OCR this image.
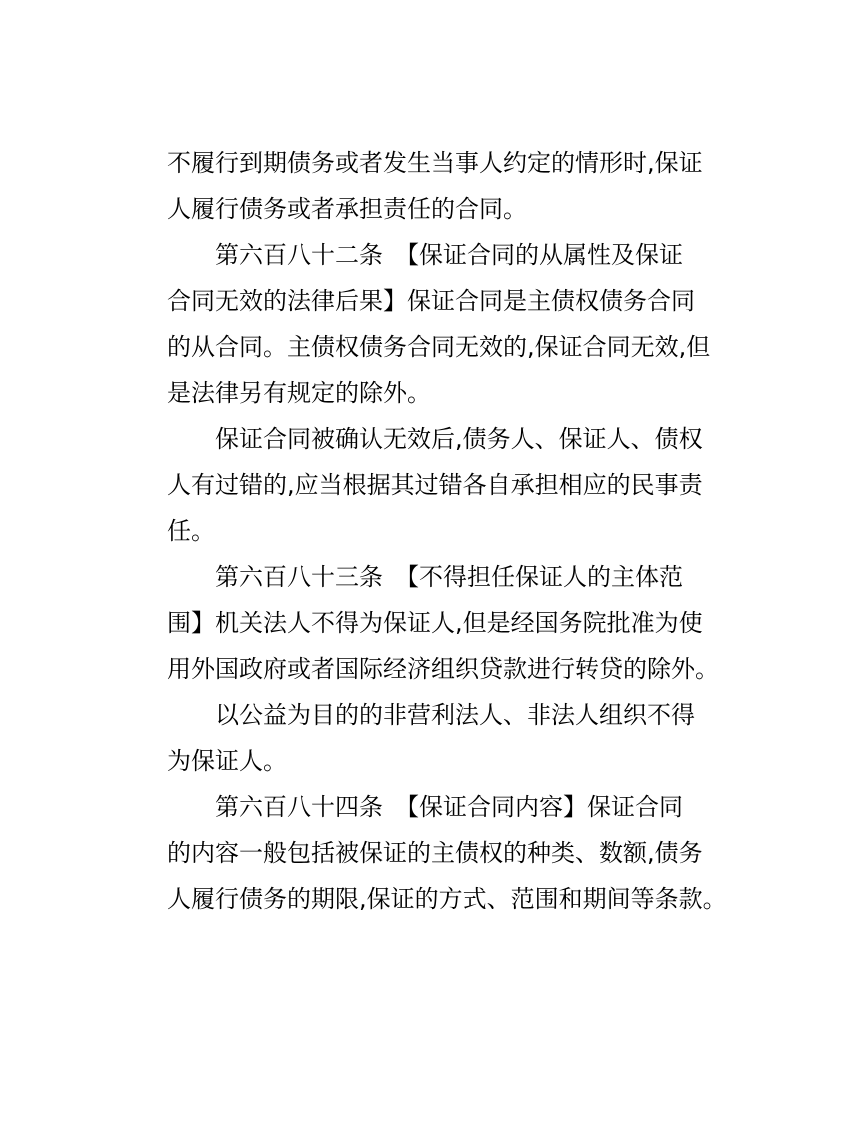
不履行到期债务或者发生当事人约定的情形时,保证
人履行债务或者承担责任的合同。
第六百八十二条　【保证合同的从属性及保证
合同无效的法律后果】保证合同是主债权债务合同
的从合同。主债权债务合同无效的,保证合同无效,但
是法律另有规定的除外。
保证合同被确认无效后,债务人、保证人、债权
人有过错的,应当根据其过错各自承担相应的民事责
任。
第六百八十三条　【不得担任保证人的主体范
围】机关法人不得为保证人,但是经国务院批准为使
用外国政府或者国际经济组织贷款进行转贷的除外。
以公益为目的的非营利法人、非法人组织不得
为保证人。
第六百八十四条　【保证合同内容】保证合同
的内容一般包括被保证的主债权的种类、数额,债务
人履行债务的期限,保证的方式、范围和期间等条款。
